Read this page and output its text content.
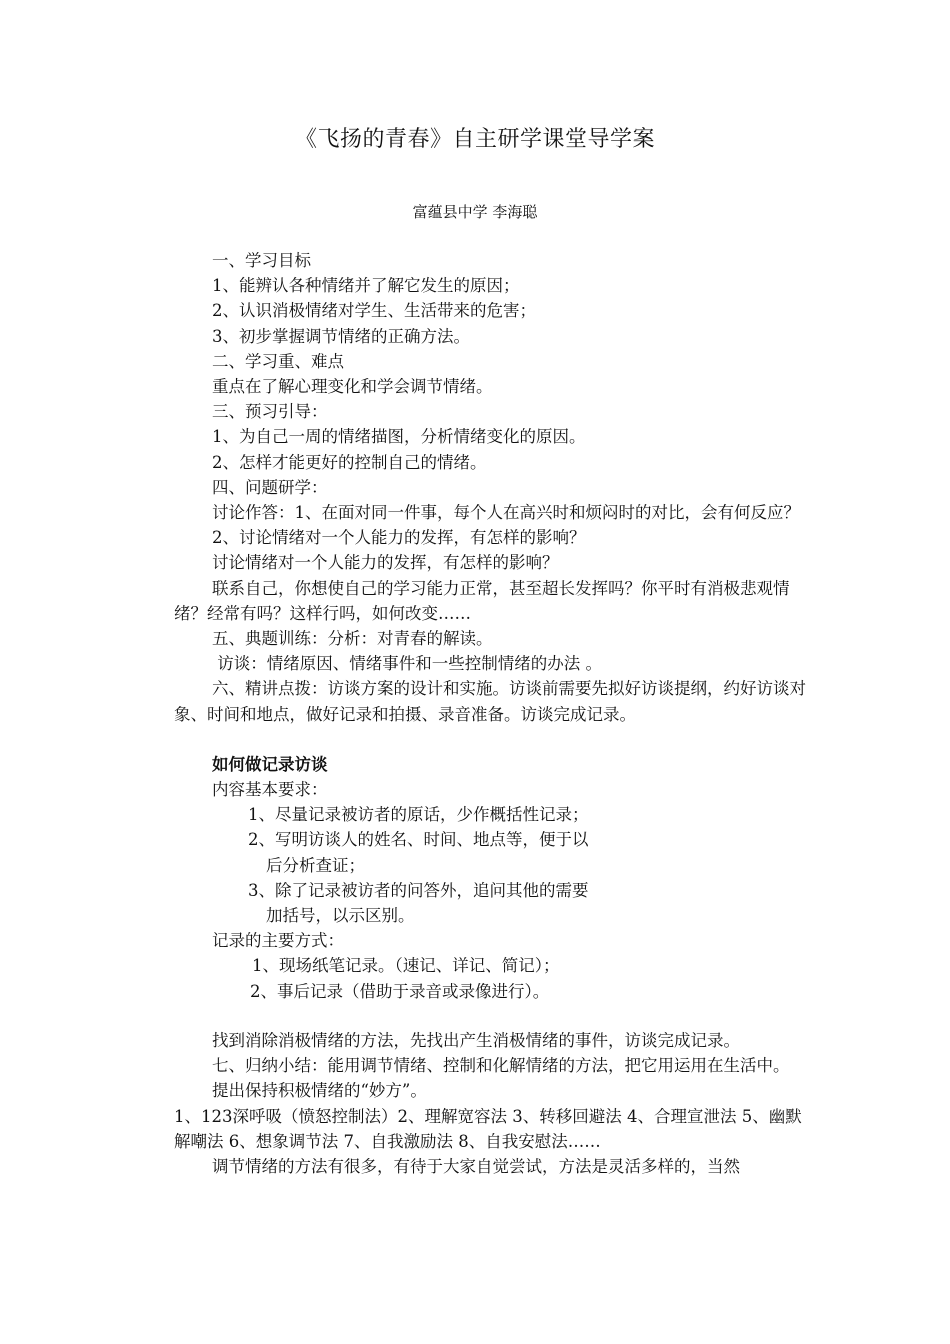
《飞扬的青春》自主研学课堂导学案
富蕴县中学 李海聪

一、学习目标

1、能辨认各种情绪并了解它发生的原因；

2、认识消极情绪对学生、生活带来的危害；

3、初步掌握调节情绪的正确方法。

二、学习重、难点

重点在了解心理变化和学会调节情绪。

三、预习引导：

1、为自己一周的情绪描图，分析情绪变化的原因。

2、怎样才能更好的控制自己的情绪。

四、问题研学：

讨论作答：1、在面对同一件事，每个人在高兴时和烦闷时的对比，会有何反应？

2、讨论情绪对一个人能力的发挥，有怎样的影响？

讨论情绪对一个人能力的发挥，有怎样的影响？

联系自己，你想使自己的学习能力正常，甚至超长发挥吗？你平时有消极悲观情绪？经常有吗？这样行吗，如何改变……

五、典题训练：分析：对青春的解读。

访谈：情绪原因、情绪事件和一些控制情绪的办法 。

六、精讲点拨：访谈方案的设计和实施。访谈前需要先拟好访谈提纲，约好访谈对象、时间和地点，做好记录和拍摄、录音准备。访谈完成记录。

如何做记录访谈

内容基本要求：

1、尽量记录被访者的原话，少作概括性记录；

2、写明访谈人的姓名、时间、地点等，便于以

后分析查证；

3、除了记录被访者的问答外，追问其他的需要

加括号，以示区别。

记录的主要方式：

1、现场纸笔记录。（速记、详记、简记）；

2、事后记录（借助于录音或录像进行）。

找到消除消极情绪的方法，先找出产生消极情绪的事件，访谈完成记录。

七、归纳小结：能用调节情绪、控制和化解情绪的方法，把它用运用在生活中。

提出保持积极情绪的“妙方”。

1、123深呼吸（愤怒控制法）2、理解宽容法 3、转移回避法 4、合理宣泄法 5、幽默解嘲法 6、想象调节法 7、自我激励法 8、自我安慰法……

调节情绪的方法有很多，有待于大家自觉尝试，方法是灵活多样的，当然
